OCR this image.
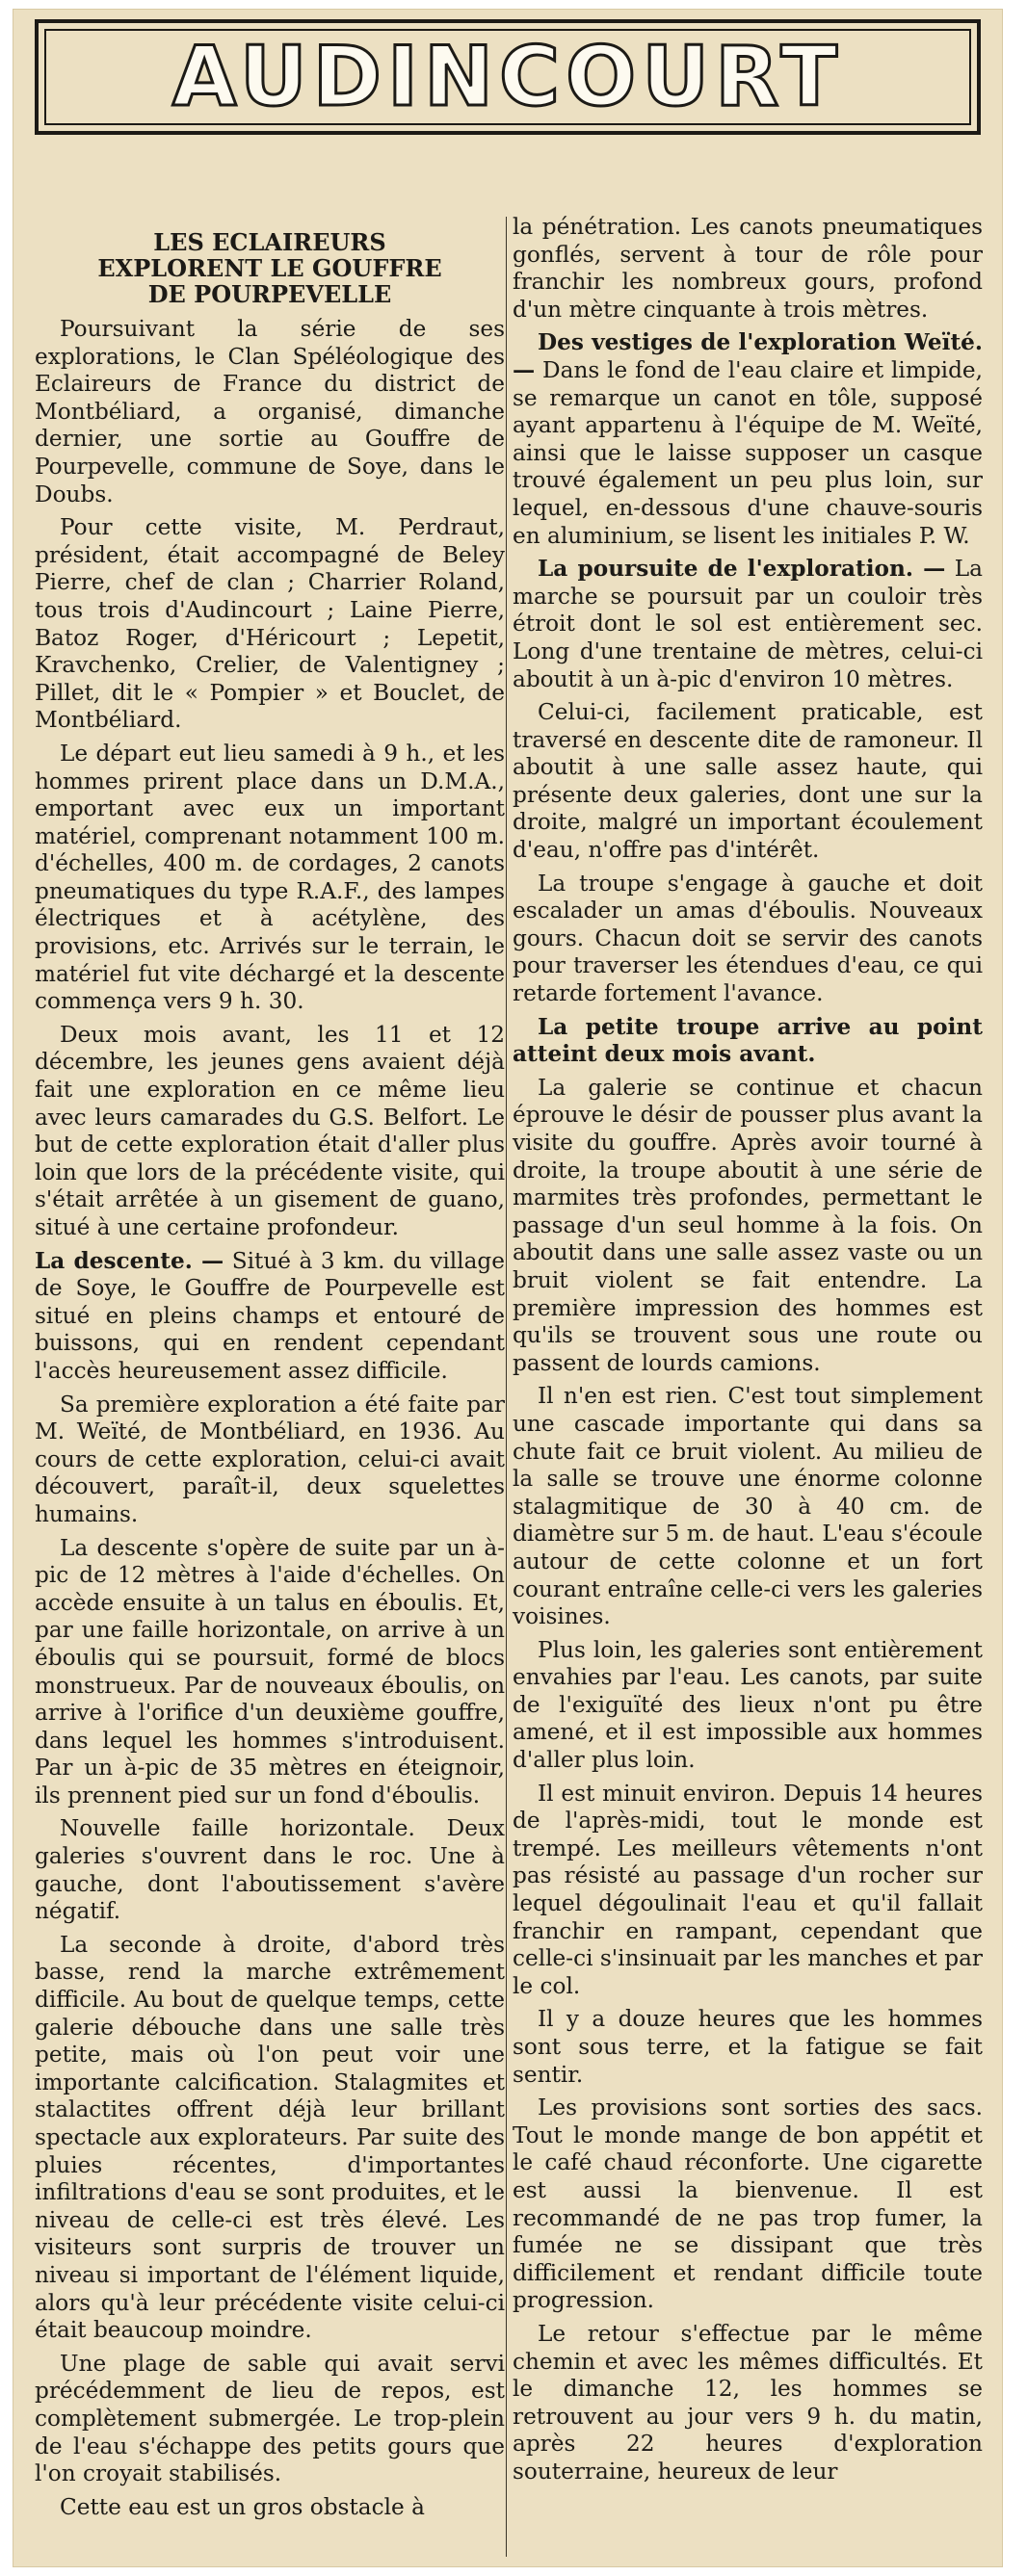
AUDINCOURT
LES ECLAIREURS
EXPLORENT LE GOUFFRE
DE POURPEVELLE

Poursuivant la série de ses explorations, le Clan Spéléologique des Eclaireurs de France du district de Montbéliard, a organisé, dimanche dernier, une sortie au Gouffre de Pourpevelle, commune de Soye, dans le Doubs.

Pour cette visite, M. Perdraut, président, était accompagné de Beley Pierre, chef de clan ; Charrier Roland, tous trois d'Audincourt ; Laine Pierre, Batoz Roger, d'Héricourt ; Lepetit, Kravchenko, Crelier, de Valentigney ; Pillet, dit le « Pompier » et Bouclet, de Montbéliard.

Le départ eut lieu samedi à 9 h., et les hommes prirent place dans un D.M.A., emportant avec eux un important matériel, comprenant notamment 100 m. d'échelles, 400 m. de cordages, 2 canots pneumatiques du type R.A.F., des lampes électriques et à acétylène, des provisions, etc. Arrivés sur le terrain, le matériel fut vite déchargé et la descente commença vers 9 h. 30.

Deux mois avant, les 11 et 12 décembre, les jeunes gens avaient déjà fait une exploration en ce même lieu avec leurs camarades du G.S. Belfort. Le but de cette exploration était d'aller plus loin que lors de la précédente visite, qui s'était arrêtée à un gisement de guano, situé à une certaine profondeur.

La descente. — Situé à 3 km. du village de Soye, le Gouffre de Pourpevelle est situé en pleins champs et entouré de buissons, qui en rendent cependant l'accès heureusement assez difficile.

Sa première exploration a été faite par M. Weïté, de Montbéliard, en 1936. Au cours de cette exploration, celui-ci avait découvert, paraît-il, deux squelettes humains.

La descente s'opère de suite par un à-pic de 12 mètres à l'aide d'échelles. On accède ensuite à un talus en éboulis. Et, par une faille horizontale, on arrive à un éboulis qui se poursuit, formé de blocs monstrueux. Par de nouveaux éboulis, on arrive à l'orifice d'un deuxième gouffre, dans lequel les hommes s'introduisent. Par un à-pic de 35 mètres en éteignoir, ils prennent pied sur un fond d'éboulis.

Nouvelle faille horizontale. Deux galeries s'ouvrent dans le roc. Une à gauche, dont l'aboutissement s'avère négatif.

La seconde à droite, d'abord très basse, rend la marche extrêmement difficile. Au bout de quelque temps, cette galerie débouche dans une salle très petite, mais où l'on peut voir une importante calcification. Stalagmites et stalactites offrent déjà leur brillant spectacle aux explorateurs. Par suite des pluies récentes, d'importantes infiltrations d'eau se sont produites, et le niveau de celle-ci est très élevé. Les visiteurs sont surpris de trouver un niveau si important de l'élément liquide, alors qu'à leur précédente visite celui-ci était beaucoup moindre.

Une plage de sable qui avait servi précédemment de lieu de repos, est complètement submergée. Le trop-plein de l'eau s'échappe des petits gours que l'on croyait stabilisés.

Cette eau est un gros obstacle à

la pénétration. Les canots pneumatiques gonflés, servent à tour de rôle pour franchir les nombreux gours, profond d'un mètre cinquante à trois mètres.

Des vestiges de l'exploration Weïté. — Dans le fond de l'eau claire et limpide, se remarque un canot en tôle, supposé ayant appartenu à l'équipe de M. Weïté, ainsi que le laisse supposer un casque trouvé également un peu plus loin, sur lequel, en-dessous d'une chauve-souris en aluminium, se lisent les initiales P. W.

La poursuite de l'exploration. — La marche se poursuit par un couloir très étroit dont le sol est entièrement sec. Long d'une trentaine de mètres, celui-ci aboutit à un à-pic d'environ 10 mètres.

Celui-ci, facilement praticable, est traversé en descente dite de ramoneur. Il aboutit à une salle assez haute, qui présente deux galeries, dont une sur la droite, malgré un important écoulement d'eau, n'offre pas d'intérêt.

La troupe s'engage à gauche et doit escalader un amas d'éboulis. Nouveaux gours. Chacun doit se servir des canots pour traverser les étendues d'eau, ce qui retarde fortement l'avance.

La petite troupe arrive au point atteint deux mois avant.

La galerie se continue et chacun éprouve le désir de pousser plus avant la visite du gouffre. Après avoir tourné à droite, la troupe aboutit à une série de marmites très profondes, permettant le passage d'un seul homme à la fois. On aboutit dans une salle assez vaste ou un bruit violent se fait entendre. La première impression des hommes est qu'ils se trouvent sous une route ou passent de lourds camions.

Il n'en est rien. C'est tout simplement une cascade importante qui dans sa chute fait ce bruit violent. Au milieu de la salle se trouve une énorme colonne stalagmitique de 30 à 40 cm. de diamètre sur 5 m. de haut. L'eau s'écoule autour de cette colonne et un fort courant entraîne celle-ci vers les galeries voisines.

Plus loin, les galeries sont entièrement envahies par l'eau. Les canots, par suite de l'exiguïté des lieux n'ont pu être amené, et il est impossible aux hommes d'aller plus loin.

Il est minuit environ. Depuis 14 heures de l'après-midi, tout le monde est trempé. Les meilleurs vêtements n'ont pas résisté au passage d'un rocher sur lequel dégoulinait l'eau et qu'il fallait franchir en rampant, cependant que celle-ci s'insinuait par les manches et par le col.

Il y a douze heures que les hommes sont sous terre, et la fatigue se fait sentir.

Les provisions sont sorties des sacs. Tout le monde mange de bon appétit et le café chaud réconforte. Une cigarette est aussi la bienvenue. Il est recommandé de ne pas trop fumer, la fumée ne se dissipant que très difficilement et rendant difficile toute progression.

Le retour s'effectue par le même chemin et avec les mêmes difficultés. Et le dimanche 12, les hommes se retrouvent au jour vers 9 h. du matin, après 22 heures d'exploration souterraine, heureux de leur
